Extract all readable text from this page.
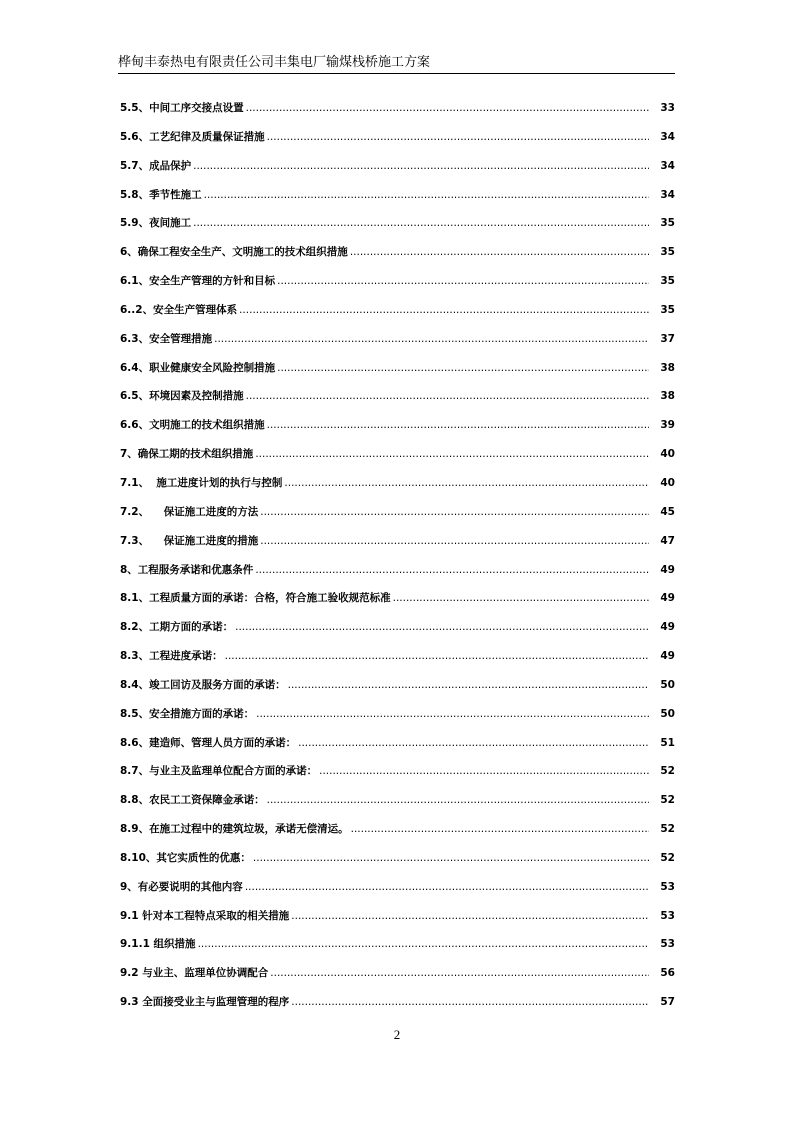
桦甸丰泰热电有限责任公司丰集电厂输煤栈桥施工方案
5.5、中间工序交接点设置 .....	33
5.6、工艺纪律及质量保证措施 .....	34
5.7、成品保护 .....	34
5.8、季节性施工 .....	34
5.9、夜间施工 .....	35
6、确保工程安全生产、文明施工的技术组织措施 .....	35
6.1、安全生产管理的方针和目标 .....	35
6..2、安全生产管理体系 .....	35
6.3、安全管理措施 .....	37
6.4、职业健康安全风险控制措施 .....	38
6.5、环境因素及控制措施 .....	38
6.6、文明施工的技术组织措施 .....	39
7、确保工期的技术组织措施 .....	40
7.1、  施工进度计划的执行与控制 .....	40
7.2、    保证施工进度的方法 .....	45
7.3、    保证施工进度的措施 .....	47
8、工程服务承诺和优惠条件 .....	49
8.1、工程质量方面的承诺：合格，符合施工验收规范标准 .....	49
8.2、工期方面的承诺： .....	49
8.3、工程进度承诺： .....	49
8.4、竣工回访及服务方面的承诺： .....	50
8.5、安全措施方面的承诺： .....	50
8.6、建造师、管理人员方面的承诺： .....	51
8.7、与业主及监理单位配合方面的承诺： .....	52
8.8、农民工工资保障金承诺： .....	52
8.9、在施工过程中的建筑垃圾，承诺无偿清运。 .....	52
8.10、其它实质性的优惠： .....	52
9、有必要说明的其他内容 .....	53
9.1 针对本工程特点采取的相关措施 .....	53
9.1.1 组织措施 .....	53
9.2 与业主、监理单位协调配合 .....	56
9.3 全面接受业主与监理管理的程序 .....	57
2
